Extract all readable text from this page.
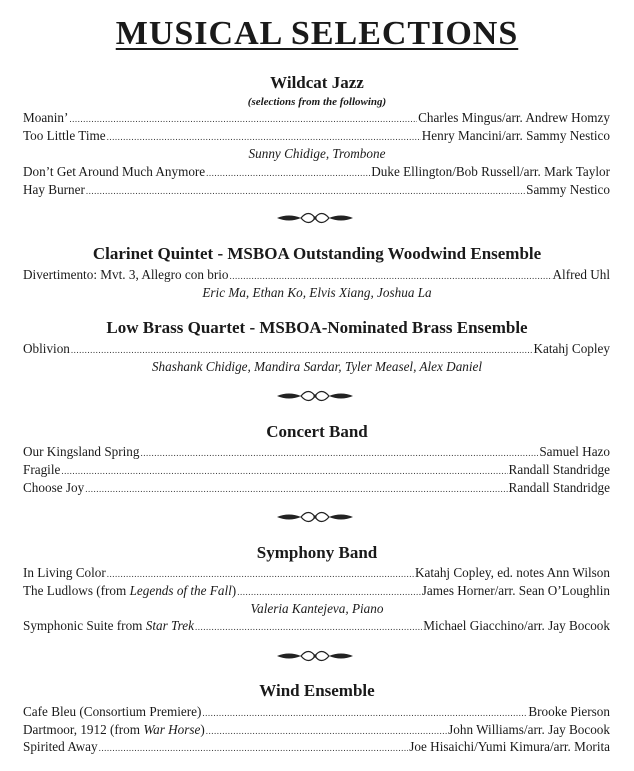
MUSICAL SELECTIONS
Wildcat Jazz
(selections from the following)
Moanin’ .....	Charles Mingus/arr. Andrew Homzy
Too Little Time .....	Henry Mancini/arr. Sammy Nestico
Sunny Chidige, Trombone
Don’t Get Around Much Anymore .....	Duke Ellington/Bob Russell/arr. Mark Taylor
Hay Burner .....	Sammy Nestico
Clarinet Quintet - MSBOA Outstanding Woodwind Ensemble
Divertimento: Mvt. 3, Allegro con brio .....	Alfred Uhl
Eric Ma, Ethan Ko, Elvis Xiang, Joshua La
Low Brass Quartet - MSBOA-Nominated Brass Ensemble
Oblivion .....	Katahj Copley
Shashank Chidige, Mandira Sardar, Tyler Measel, Alex Daniel
Concert Band
Our Kingsland Spring .....	Samuel Hazo
Fragile .....	Randall Standridge
Choose Joy .....	Randall Standridge
Symphony Band
In Living Color .....	Katahj Copley, ed. notes Ann Wilson
The Ludlows (from Legends of the Fall) .....	James Horner/arr. Sean O’Loughlin
Valeria Kantejeva, Piano
Symphonic Suite from Star Trek .....	Michael Giacchino/arr. Jay Bocook
Wind Ensemble
Cafe Bleu (Consortium Premiere) .....	Brooke Pierson
Dartmoor, 1912 (from War Horse) .....	John Williams/arr. Jay Bocook
Spirited Away .....	Joe Hisaichi/Yumi Kimura/arr. Morita
